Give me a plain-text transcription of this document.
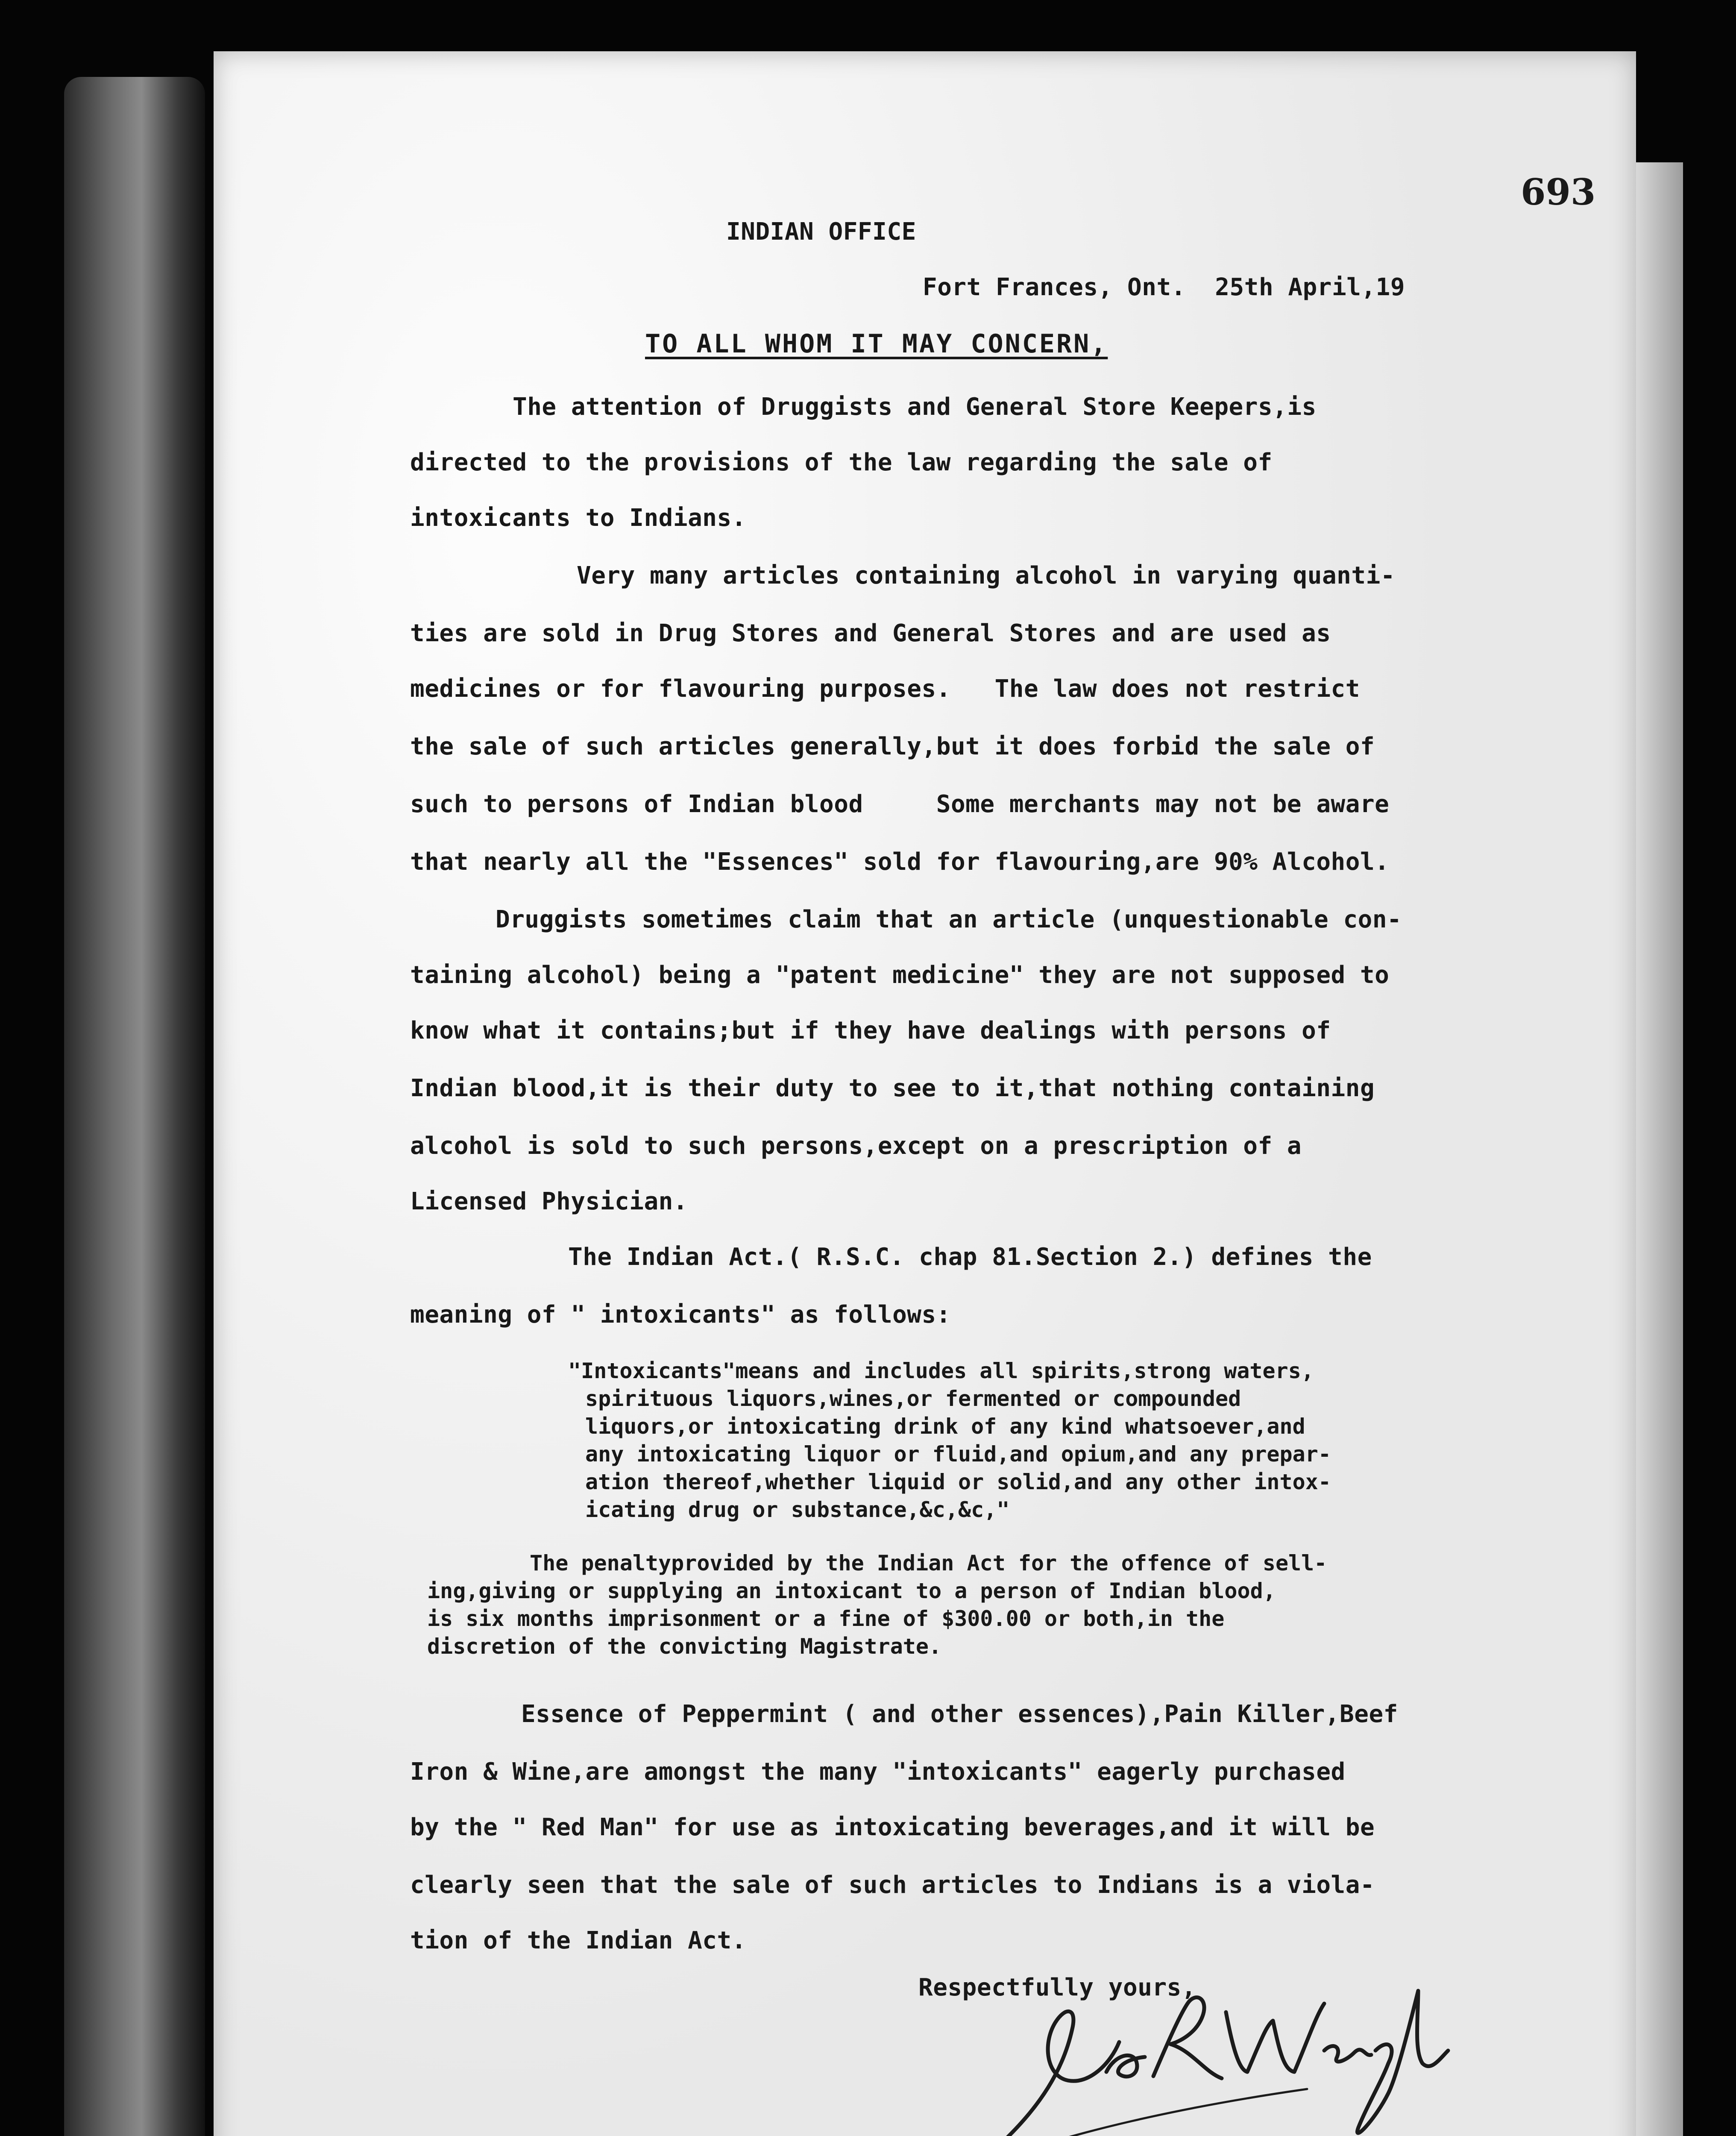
693
INDIAN OFFICE
Fort Frances, Ont.  25th April,19
TO ALL WHOM IT MAY CONCERN,
The attention of Druggists and General Store Keepers,is
directed to the provisions of the law regarding the sale of
intoxicants to Indians.
Very many articles containing alcohol in varying quanti-
ties are sold in Drug Stores and General Stores and are used as
medicines or for flavouring purposes.   The law does not restrict
the sale of such articles generally,but it does forbid the sale of
such to persons of Indian blood     Some merchants may not be aware
that nearly all the "Essences" sold for flavouring,are 90% Alcohol.
Druggists sometimes claim that an article (unquestionable con-
taining alcohol) being a "patent medicine" they are not supposed to
know what it contains;but if they have dealings with persons of
Indian blood,it is their duty to see to it,that nothing containing
alcohol is sold to such persons,except on a prescription of a
Licensed Physician.
The Indian Act.( R.S.C. chap 81.Section 2.) defines the
meaning of " intoxicants" as follows:
"Intoxicants"means and includes all spirits,strong waters,
spirituous liquors,wines,or fermented or compounded
liquors,or intoxicating drink of any kind whatsoever,and
any intoxicating liquor or fluid,and opium,and any prepar-
ation thereof,whether liquid or solid,and any other intox-
icating drug or substance,&c,&c,"
The penaltyprovided by the Indian Act for the offence of sell-
ing,giving or supplying an intoxicant to a person of Indian blood,
is six months imprisonment or a fine of $300.00 or both,in the
discretion of the convicting Magistrate.
Essence of Peppermint ( and other essences),Pain Killer,Beef
Iron & Wine,are amongst the many "intoxicants" eagerly purchased
by the " Red Man" for use as intoxicating beverages,and it will be
clearly seen that the sale of such articles to Indians is a viola-
tion of the Indian Act.
Respectfully yours,
